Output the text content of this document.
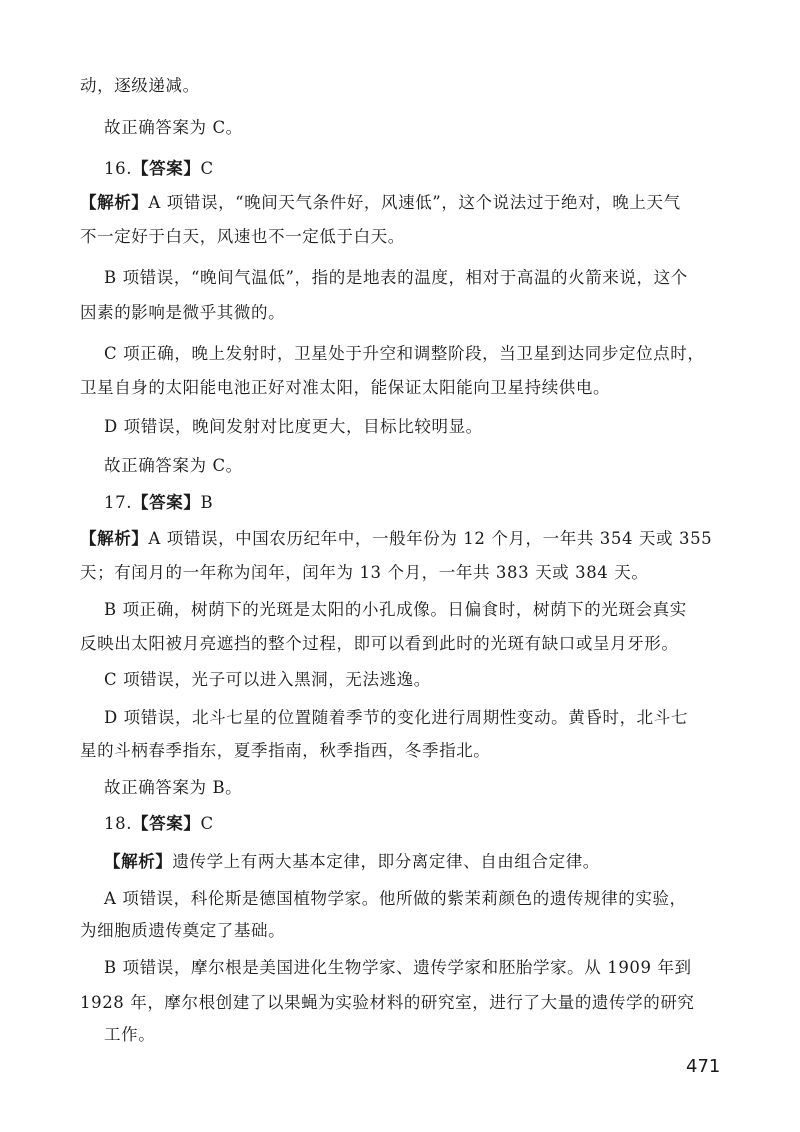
动，逐级递减。
故正确答案为 C。
16.【答案】C
【解析】A 项错误，“晚间天气条件好，风速低”，这个说法过于绝对，晚上天气
不一定好于白天，风速也不一定低于白天。
B 项错误，“晚间气温低”，指的是地表的温度，相对于高温的火箭来说，这个
因素的影响是微乎其微的。
C 项正确，晚上发射时，卫星处于升空和调整阶段，当卫星到达同步定位点时，
卫星自身的太阳能电池正好对准太阳，能保证太阳能向卫星持续供电。
D 项错误，晚间发射对比度更大，目标比较明显。
故正确答案为 C。
17.【答案】B
【解析】A 项错误，中国农历纪年中，一般年份为 12 个月，一年共 354 天或 355
天；有闰月的一年称为闰年，闰年为 13 个月，一年共 383 天或 384 天。
B 项正确，树荫下的光斑是太阳的小孔成像。日偏食时，树荫下的光斑会真实
反映出太阳被月亮遮挡的整个过程，即可以看到此时的光斑有缺口或呈月牙形。
C 项错误，光子可以进入黑洞，无法逃逸。
D 项错误，北斗七星的位置随着季节的变化进行周期性变动。黄昏时，北斗七
星的斗柄春季指东，夏季指南，秋季指西，冬季指北。
故正确答案为 B。
18.【答案】C
【解析】遗传学上有两大基本定律，即分离定律、自由组合定律。
A 项错误，科伦斯是德国植物学家。他所做的紫茉莉颜色的遗传规律的实验，
为细胞质遗传奠定了基础。
B 项错误，摩尔根是美国进化生物学家、遗传学家和胚胎学家。从 1909 年到
1928 年，摩尔根创建了以果蝇为实验材料的研究室，进行了大量的遗传学的研究
工作。
471
